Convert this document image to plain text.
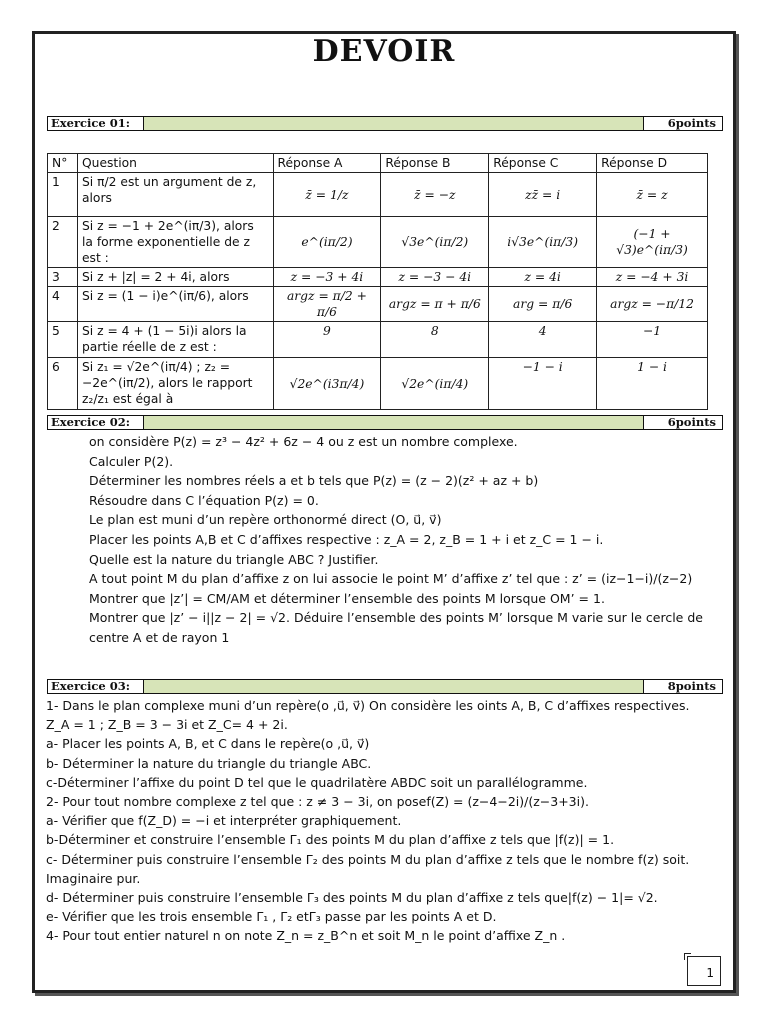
DEVOIR
Exercice 01:	6points
N°	Question	Réponse A	Réponse B	Réponse C	Réponse D
1	Si π/2 est un argument de z, alors	z̄ = 1/z	z̄ = −z	zz̄ = i	z̄ = z
2	Si z = −1 + 2e^(iπ/3), alors la forme exponentielle de z est :	e^(iπ/2)	√3e^(iπ/2)	i√3e^(iπ/3)	(−1 + √3)e^(iπ/3)
3	Si z + |z| = 2 + 4i, alors	z = −3 + 4i	z = −3 − 4i	z = 4i	z = −4 + 3i
4	Si z = (1 − i)e^(iπ/6), alors	argz = π/2 + π/6	argz = π + π/6	arg = π/6	argz = −π/12
5	Si z = 4 + (1 − 5i)i alors la partie réelle de z est :	9	8	4	−1
6	Si z₁ = √2e^(iπ/4) ; z₂ = −2e^(iπ/2), alors le rapport z₂/z₁ est égal à	√2e^(i3π/4)	√2e^(iπ/4)	−1 − i	1 − i
Exercice 02:	6points
on considère P(z) = z³ − 4z² + 6z − 4 ou z est un nombre complexe.
Calculer P(2).
Déterminer les nombres réels a et b tels que P(z) = (z − 2)(z² + az + b)
Résoudre dans C l’équation P(z) = 0.
Le plan est muni d’un repère orthonormé direct (O, u⃗, v⃗)
Placer les points A,B et C d’affixes respective : z_A = 2, z_B = 1 + i et z_C = 1 − i.
Quelle est la nature du triangle ABC ? Justifier.
A tout point M du plan d’affixe z on lui associe le point M’ d’affixe z’ tel que : z’ = (iz−1−i)/(z−2)
Montrer que |z’| = CM/AM et déterminer l’ensemble des points M lorsque OM’ = 1.
Montrer que |z’ − i||z − 2| = √2. Déduire l’ensemble des points M’ lorsque M varie sur le cercle de
centre A et de rayon 1
Exercice 03:	8points
1- Dans le plan complexe muni d’un repère(o ,u⃗, v⃗) On considère les oints A, B, C d’affixes respectives.
Z_A = 1 ; Z_B = 3 − 3i et Z_C= 4 + 2i.
a- Placer les points A, B, et C dans le repère(o ,u⃗, v⃗)
b- Déterminer la nature du triangle du triangle ABC.
c-Déterminer l’affixe du point D tel que le quadrilatère ABDC soit un parallélogramme.
2- Pour tout nombre complexe z tel que : z ≠ 3 − 3i, on posef(Z) = (z−4−2i)/(z−3+3i).
a- Vérifier que f(Z_D) = −i et interpréter graphiquement.
b-Déterminer et construire l’ensemble Γ₁ des points M du plan d’affixe z tels que |f(z)| = 1.
c- Déterminer puis construire l’ensemble Γ₂ des points M du plan d’affixe z tels que le nombre f(z) soit.
Imaginaire pur.
d- Déterminer puis construire l’ensemble Γ₃ des points M du plan d’affixe z tels que|f(z) − 1|= √2.
e- Vérifier que les trois ensemble Γ₁ , Γ₂ etΓ₃ passe par les points A et D.
4- Pour tout entier naturel n on note Z_n = z_B^n et soit M_n le point d’affixe Z_n .
1
